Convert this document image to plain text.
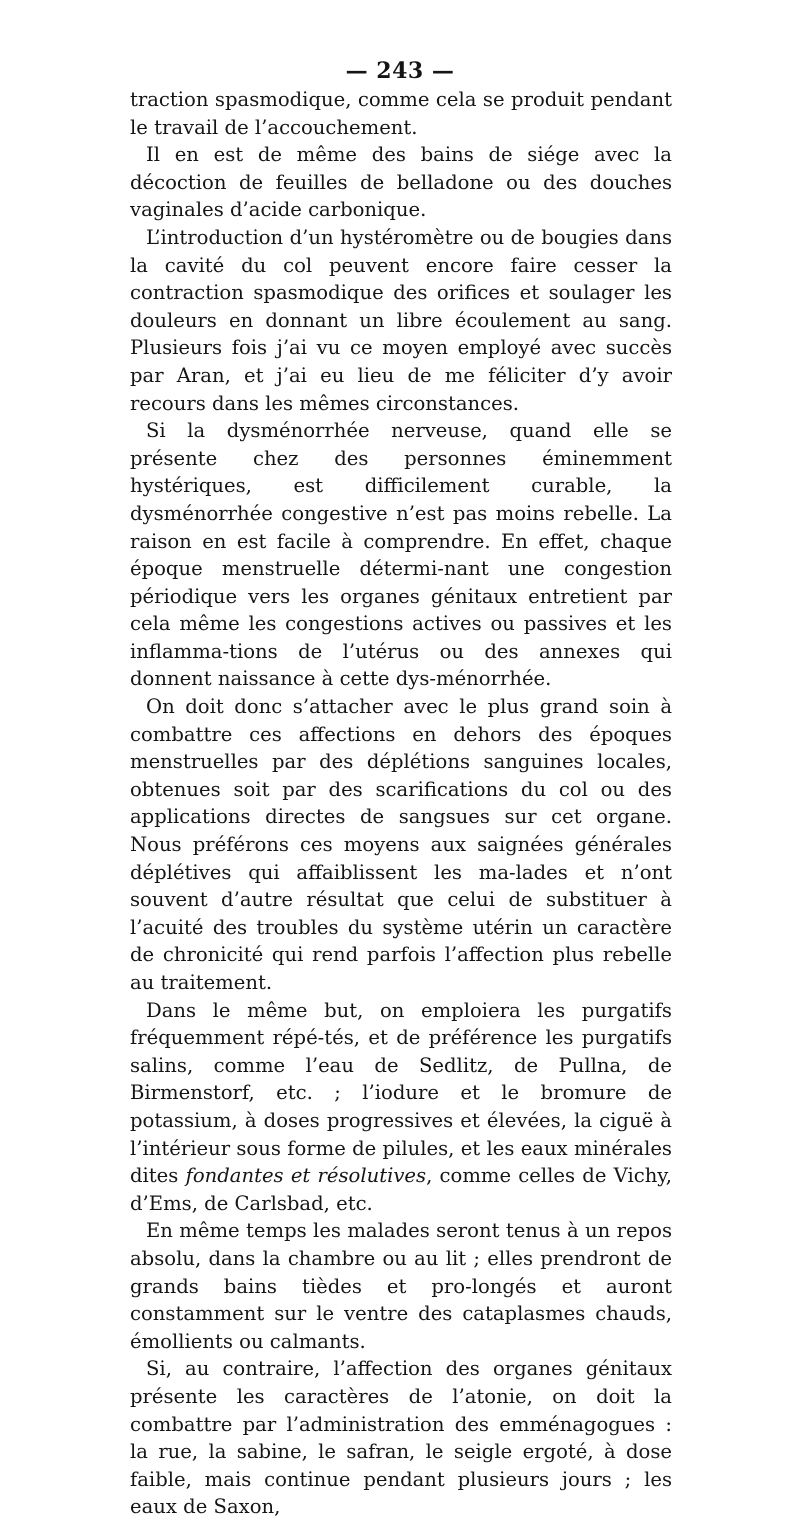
— 243 —

traction spasmodique, comme cela se produit pendant le travail de l’accouchement.

Il en est de même des bains de siége avec la décoction de feuilles de belladone ou des douches vaginales d’acide carbonique.

L’introduction d’un hystéromètre ou de bougies dans la cavité du col peuvent encore faire cesser la contraction spasmodique des orifices et soulager les douleurs en donnant un libre écoulement au sang. Plusieurs fois j’ai vu ce moyen employé avec succès par Aran, et j’ai eu lieu de me féliciter d’y avoir recours dans les mêmes circonstances.

Si la dysménorrhée nerveuse, quand elle se présente chez des personnes éminemment hystériques, est difficilement curable, la dysménorrhée congestive n’est pas moins rebelle. La raison en est facile à comprendre. En effet, chaque époque menstruelle détermi-nant une congestion périodique vers les organes génitaux entretient par cela même les congestions actives ou passives et les inflamma-tions de l’utérus ou des annexes qui donnent naissance à cette dys-ménorrhée.

On doit donc s’attacher avec le plus grand soin à combattre ces affections en dehors des époques menstruelles par des déplétions sanguines locales, obtenues soit par des scarifications du col ou des applications directes de sangsues sur cet organe. Nous préférons ces moyens aux saignées générales déplétives qui affaiblissent les ma-lades et n’ont souvent d’autre résultat que celui de substituer à l’acuité des troubles du système utérin un caractère de chronicité qui rend parfois l’affection plus rebelle au traitement.

Dans le même but, on emploiera les purgatifs fréquemment répé-tés, et de préférence les purgatifs salins, comme l’eau de Sedlitz, de Pullna, de Birmenstorf, etc. ; l’iodure et le bromure de potassium, à doses progressives et élevées, la ciguë à l’intérieur sous forme de pilules, et les eaux minérales dites fondantes et résolutives, comme celles de Vichy, d’Ems, de Carlsbad, etc.

En même temps les malades seront tenus à un repos absolu, dans la chambre ou au lit ; elles prendront de grands bains tièdes et pro-longés et auront constamment sur le ventre des cataplasmes chauds, émollients ou calmants.

Si, au contraire, l’affection des organes génitaux présente les caractères de l’atonie, on doit la combattre par l’administration des emménagogues : la rue, la sabine, le safran, le seigle ergoté, à dose faible, mais continue pendant plusieurs jours ; les eaux de Saxon,
